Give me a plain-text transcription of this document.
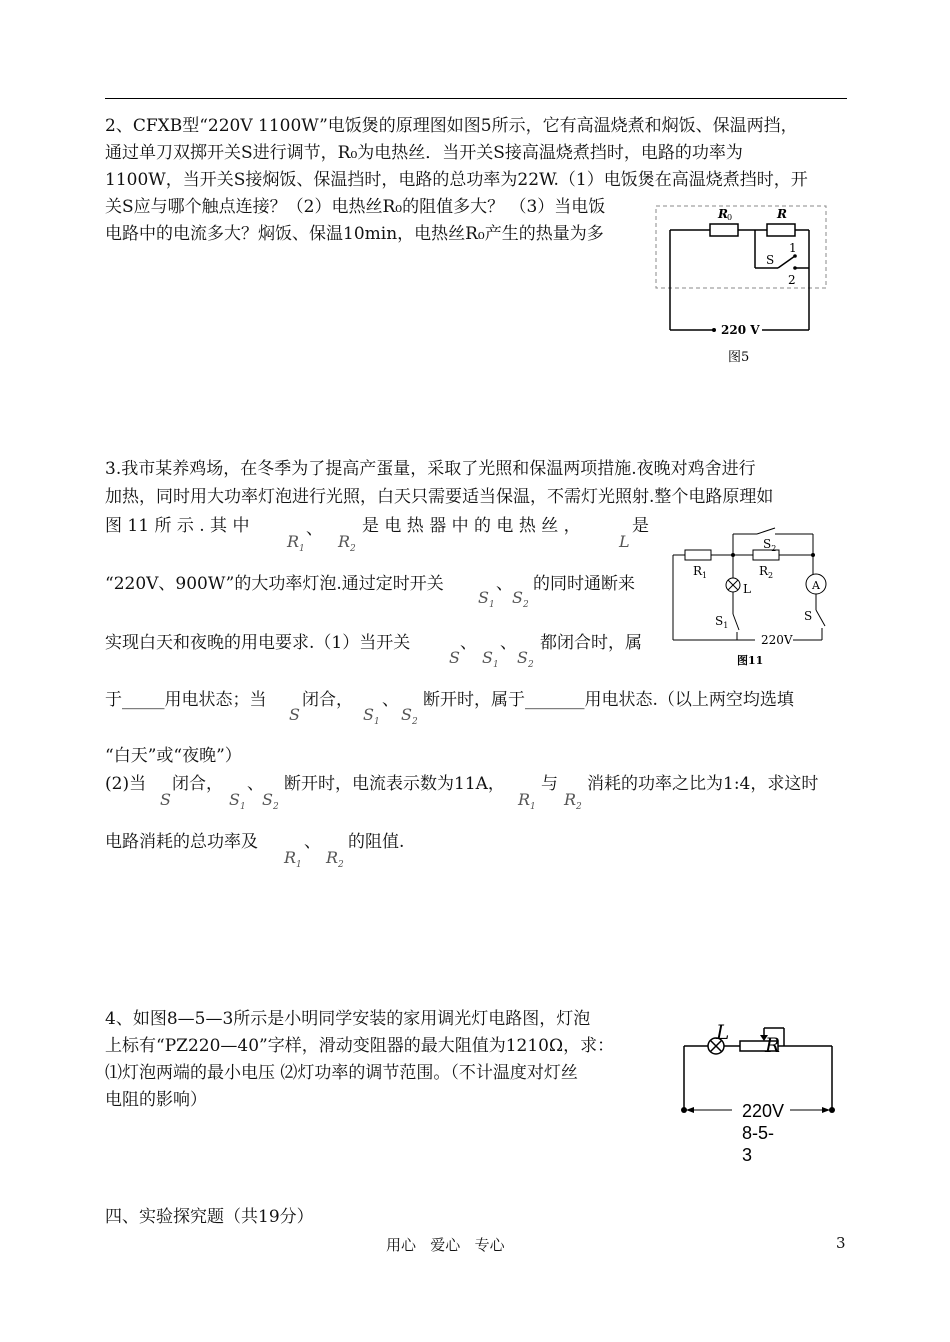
2、CFXB型“220V 1100W”电饭煲的原理图如图5所示，它有高温烧煮和焖饭、保温两挡，
通过单刀双掷开关S进行调节，R₀为电热丝．当开关S接高温烧煮挡时，电路的功率为
1100W，当开关S接焖饭、保温挡时，电路的总功率为22W.（1）电饭煲在高温烧煮挡时，开
关S应与哪个触点连接？（2）电热丝R₀的阻值多大？ （3）当电饭
电路中的电流多大？焖饭、保温10min，电热丝R₀产生的热量为多
R 0	R
S
1
2
220 V
图5
3.我市某养鸡场，在冬季为了提高产蛋量，采取了光照和保温两项措施.夜晚对鸡舍进行
加热，同时用大功率灯泡进行光照，白天只需要适当保温，不需灯光照射.整个电路原理如
图 11 所 示 . 其 中
$R_1$
、
$R_2$
是 电 热 器 中 的 电 热 丝 ，
L
是
“220V、900W”的大功率灯泡.通过定时开关
$S_1$
、
$S_2$
的同时通断来
实现白天和夜晚的用电要求.（1）当开关
S
、
$S_1$
、
$S_2$
都闭合时，属
于_____用电状态；当
S
闭合，
$S_1$
、
$S_2$
断开时，属于_______用电状态.（以上两空均选填
“白天”或“夜晚”）
(2)当
S
闭合，
$S_1$
、
$S_2$
断开时，电流表示数为11A，
$R_1$
与
$R_2$
消耗的功率之比为1:4，求这时
电路消耗的总功率及
$R_1$
、
$R_2$
的阻值.
$R_1$	$R_2$
$S_2$
L	A
$S_1$
S
220V
图11
4、如图8—5—3所示是小明同学安装的家用调光灯电路图，灯泡
上标有“PZ220—40”字样，滑动变阻器的最大阻值为1210Ω，求：
⑴灯泡两端的最小电压 ⑵灯功率的调节范围。（不计温度对灯丝
电阻的影响）
L
R
220V
8-5-
3
四、实验探究题（共19分）
用心   爱心   专心	3
